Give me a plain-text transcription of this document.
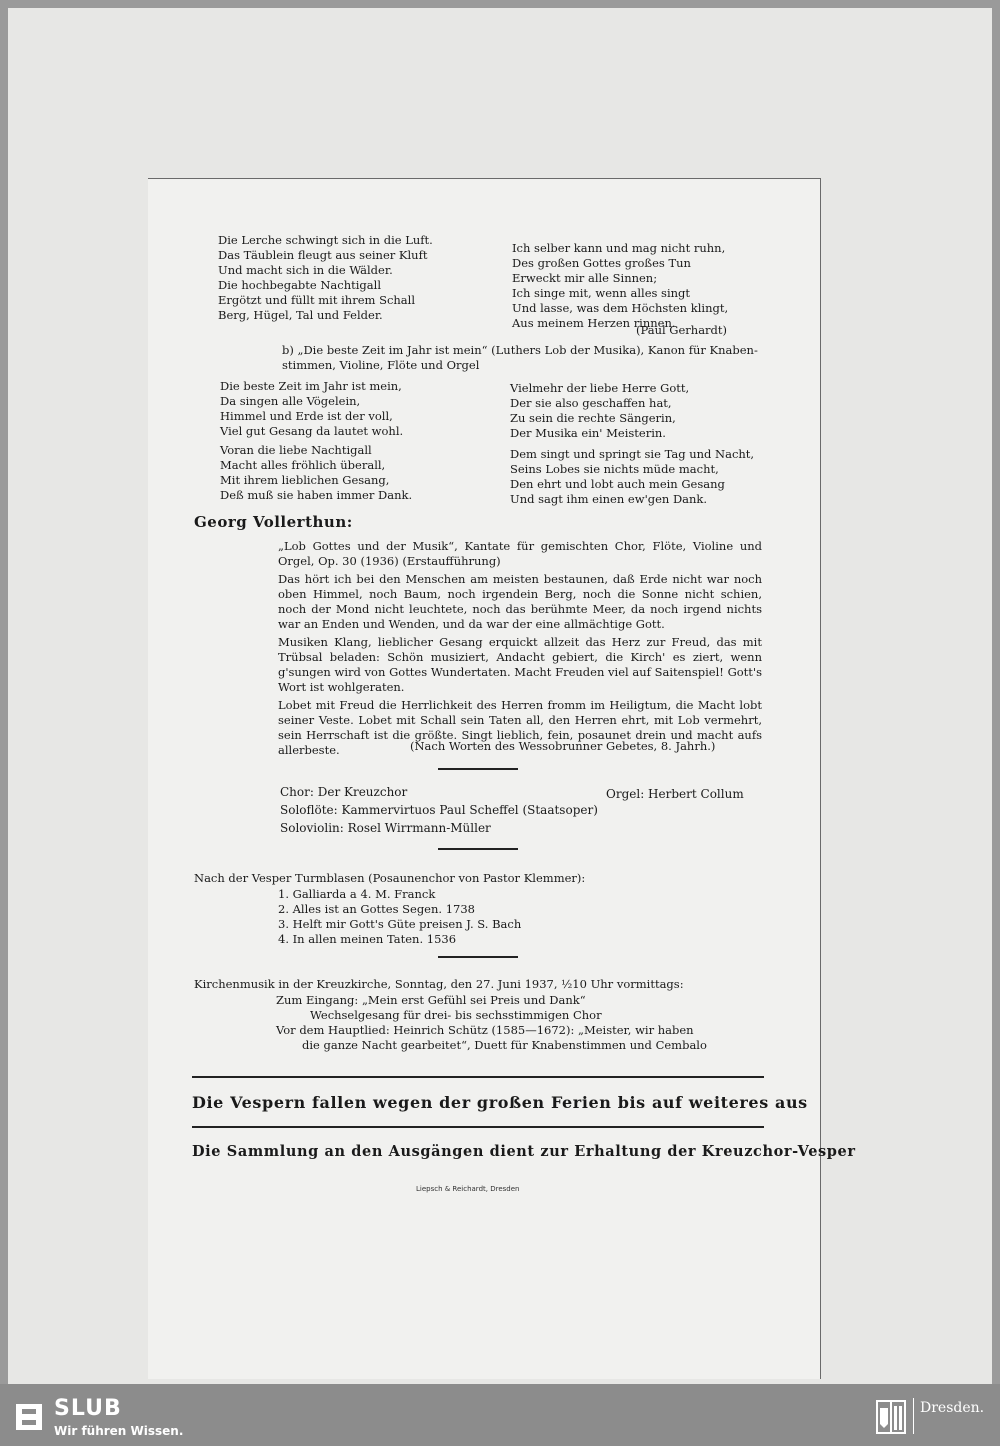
Die Lerche schwingt sich in die Luft.
Das Täublein fleugt aus seiner Kluft
Und macht sich in die Wälder.
Die hochbegabte Nachtigall
Ergötzt und füllt mit ihrem Schall
Berg, Hügel, Tal und Felder.
Ich selber kann und mag nicht ruhn,
Des großen Gottes großes Tun
Erweckt mir alle Sinnen;
Ich singe mit, wenn alles singt
Und lasse, was dem Höchsten klingt,
Aus meinem Herzen rinnen.
(Paul Gerhardt)
b) „Die beste Zeit im Jahr ist mein“ (Luthers Lob der Musika), Kanon für Knaben-
stimmen, Violine, Flöte und Orgel
Die beste Zeit im Jahr ist mein,
Da singen alle Vögelein,
Himmel und Erde ist der voll,
Viel gut Gesang da lautet wohl.
Vielmehr der liebe Herre Gott,
Der sie also geschaffen hat,
Zu sein die rechte Sängerin,
Der Musika ein' Meisterin.
Voran die liebe Nachtigall
Macht alles fröhlich überall,
Mit ihrem lieblichen Gesang,
Deß muß sie haben immer Dank.
Dem singt und springt sie Tag und Nacht,
Seins Lobes sie nichts müde macht,
Den ehrt und lobt auch mein Gesang
Und sagt ihm einen ew'gen Dank.
Georg Vollerthun:

„Lob Gottes und der Musik“, Kantate für gemischten Chor, Flöte, Violine und Orgel, Op. 30 (1936) (Erstaufführung)

Das hört ich bei den Menschen am meisten bestaunen, daß Erde nicht war noch oben Himmel, noch Baum, noch irgendein Berg, noch die Sonne nicht schien, noch der Mond nicht leuchtete, noch das berühmte Meer, da noch irgend nichts war an Enden und Wenden, und da war der eine allmächtige Gott.

Musiken Klang, lieblicher Gesang erquickt allzeit das Herz zur Freud, das mit Trübsal beladen: Schön musiziert, Andacht gebiert, die Kirch' es ziert, wenn g'sungen wird von Gottes Wundertaten. Macht Freuden viel auf Saitenspiel! Gott's Wort ist wohlgeraten.

Lobet mit Freud die Herrlichkeit des Herren fromm im Heiligtum, die Macht lobt seiner Veste. Lobet mit Schall sein Taten all, den Herren ehrt, mit Lob vermehrt, sein Herrschaft ist die größte. Singt lieblich, fein, posaunet drein und macht aufs allerbeste.	(Nach Worten des Wessobrunner Gebetes, 8. Jahrh.)
Chor: Der Kreuzchor	Orgel: Herbert Collum
Soloflöte: Kammervirtuos Paul Scheffel (Staatsoper)
Soloviolin: Rosel Wirrmann-Müller
Nach der Vesper Turmblasen (Posaunenchor von Pastor Klemmer):
1. Galliarda a 4. M. Franck
2. Alles ist an Gottes Segen. 1738
3. Helft mir Gott's Güte preisen J. S. Bach
4. In allen meinen Taten. 1536
Kirchenmusik in der Kreuzkirche, Sonntag, den 27. Juni 1937, ½10 Uhr vormittags:
Zum Eingang: „Mein erst Gefühl sei Preis und Dank“
Wechselgesang für drei- bis sechsstimmigen Chor
Vor dem Hauptlied: Heinrich Schütz (1585—1672): „Meister, wir haben
die ganze Nacht gearbeitet“, Duett für Knabenstimmen und Cembalo
Die Vespern fallen wegen der großen Ferien bis auf weiteres aus
Die Sammlung an den Ausgängen dient zur Erhaltung der Kreuzchor-Vesper
Liepsch & Reichardt, Dresden
SLUB
Wir führen Wissen.
Dresden.
